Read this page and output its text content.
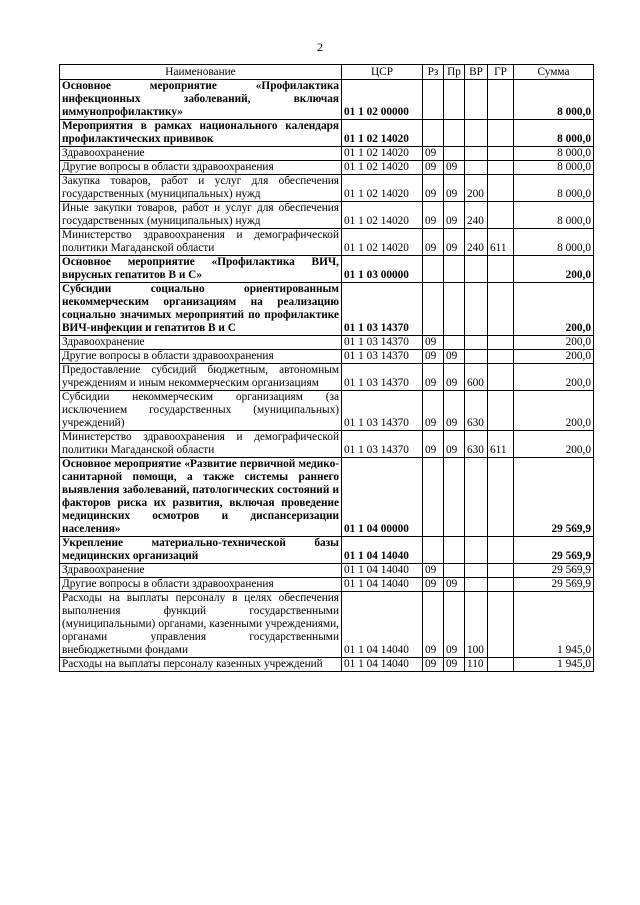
2
Наименование	ЦСР	Рз	Пр	ВР	ГР	Сумма
Основное мероприятие «Профилактика инфекционных заболеваний, включая иммунопрофилактику»	01 1 02 00000					8 000,0
Мероприятия в рамках национального календаря профилактических прививок	01 1 02 14020					8 000,0
Здравоохранение	01 1 02 14020	09				8 000,0
Другие вопросы в области здравоохранения	01 1 02 14020	09	09			8 000,0
Закупка товаров, работ и услуг для обеспечения государственных (муниципальных) нужд	01 1 02 14020	09	09	200		8 000,0
Иные закупки товаров, работ и услуг для обеспечения государственных (муниципальных) нужд	01 1 02 14020	09	09	240		8 000,0
Министерство здравоохранения и демографической политики Магаданской области	01 1 02 14020	09	09	240	611	8 000,0
Основное мероприятие «Профилактика ВИЧ, вирусных гепатитов В и С»	01 1 03 00000					200,0
Субсидии социально ориентированным некоммерческим организациям на реализацию социально значимых мероприятий по профилактике ВИЧ-инфекции и гепатитов В и С	01 1 03 14370					200,0
Здравоохранение	01 1 03 14370	09				200,0
Другие вопросы в области здравоохранения	01 1 03 14370	09	09			200,0
Предоставление субсидий бюджетным, автономным учреждениям и иным некоммерческим организациям	01 1 03 14370	09	09	600		200,0
Субсидии некоммерческим организациям (за исключением государственных (муниципальных) учреждений)	01 1 03 14370	09	09	630		200,0
Министерство здравоохранения и демографической политики Магаданской области	01 1 03 14370	09	09	630	611	200,0
Основное мероприятие «Развитие первичной медико-санитарной помощи, а также системы раннего выявления заболеваний, патологических состояний и факторов риска их развития, включая проведение медицинских осмотров и диспансеризации населения»	01 1 04 00000					29 569,9
Укрепление материально-технической базы медицинских организаций	01 1 04 14040					29 569,9
Здравоохранение	01 1 04 14040	09				29 569,9
Другие вопросы в области здравоохранения	01 1 04 14040	09	09			29 569,9
Расходы на выплаты персоналу в целях обеспечения выполнения функций государственными (муниципальными) органами, казенными учреждениями, органами управления государственными внебюджетными фондами	01 1 04 14040	09	09	100		1 945,0
Расходы на выплаты персоналу казенных учреждений	01 1 04 14040	09	09	110		1 945,0
